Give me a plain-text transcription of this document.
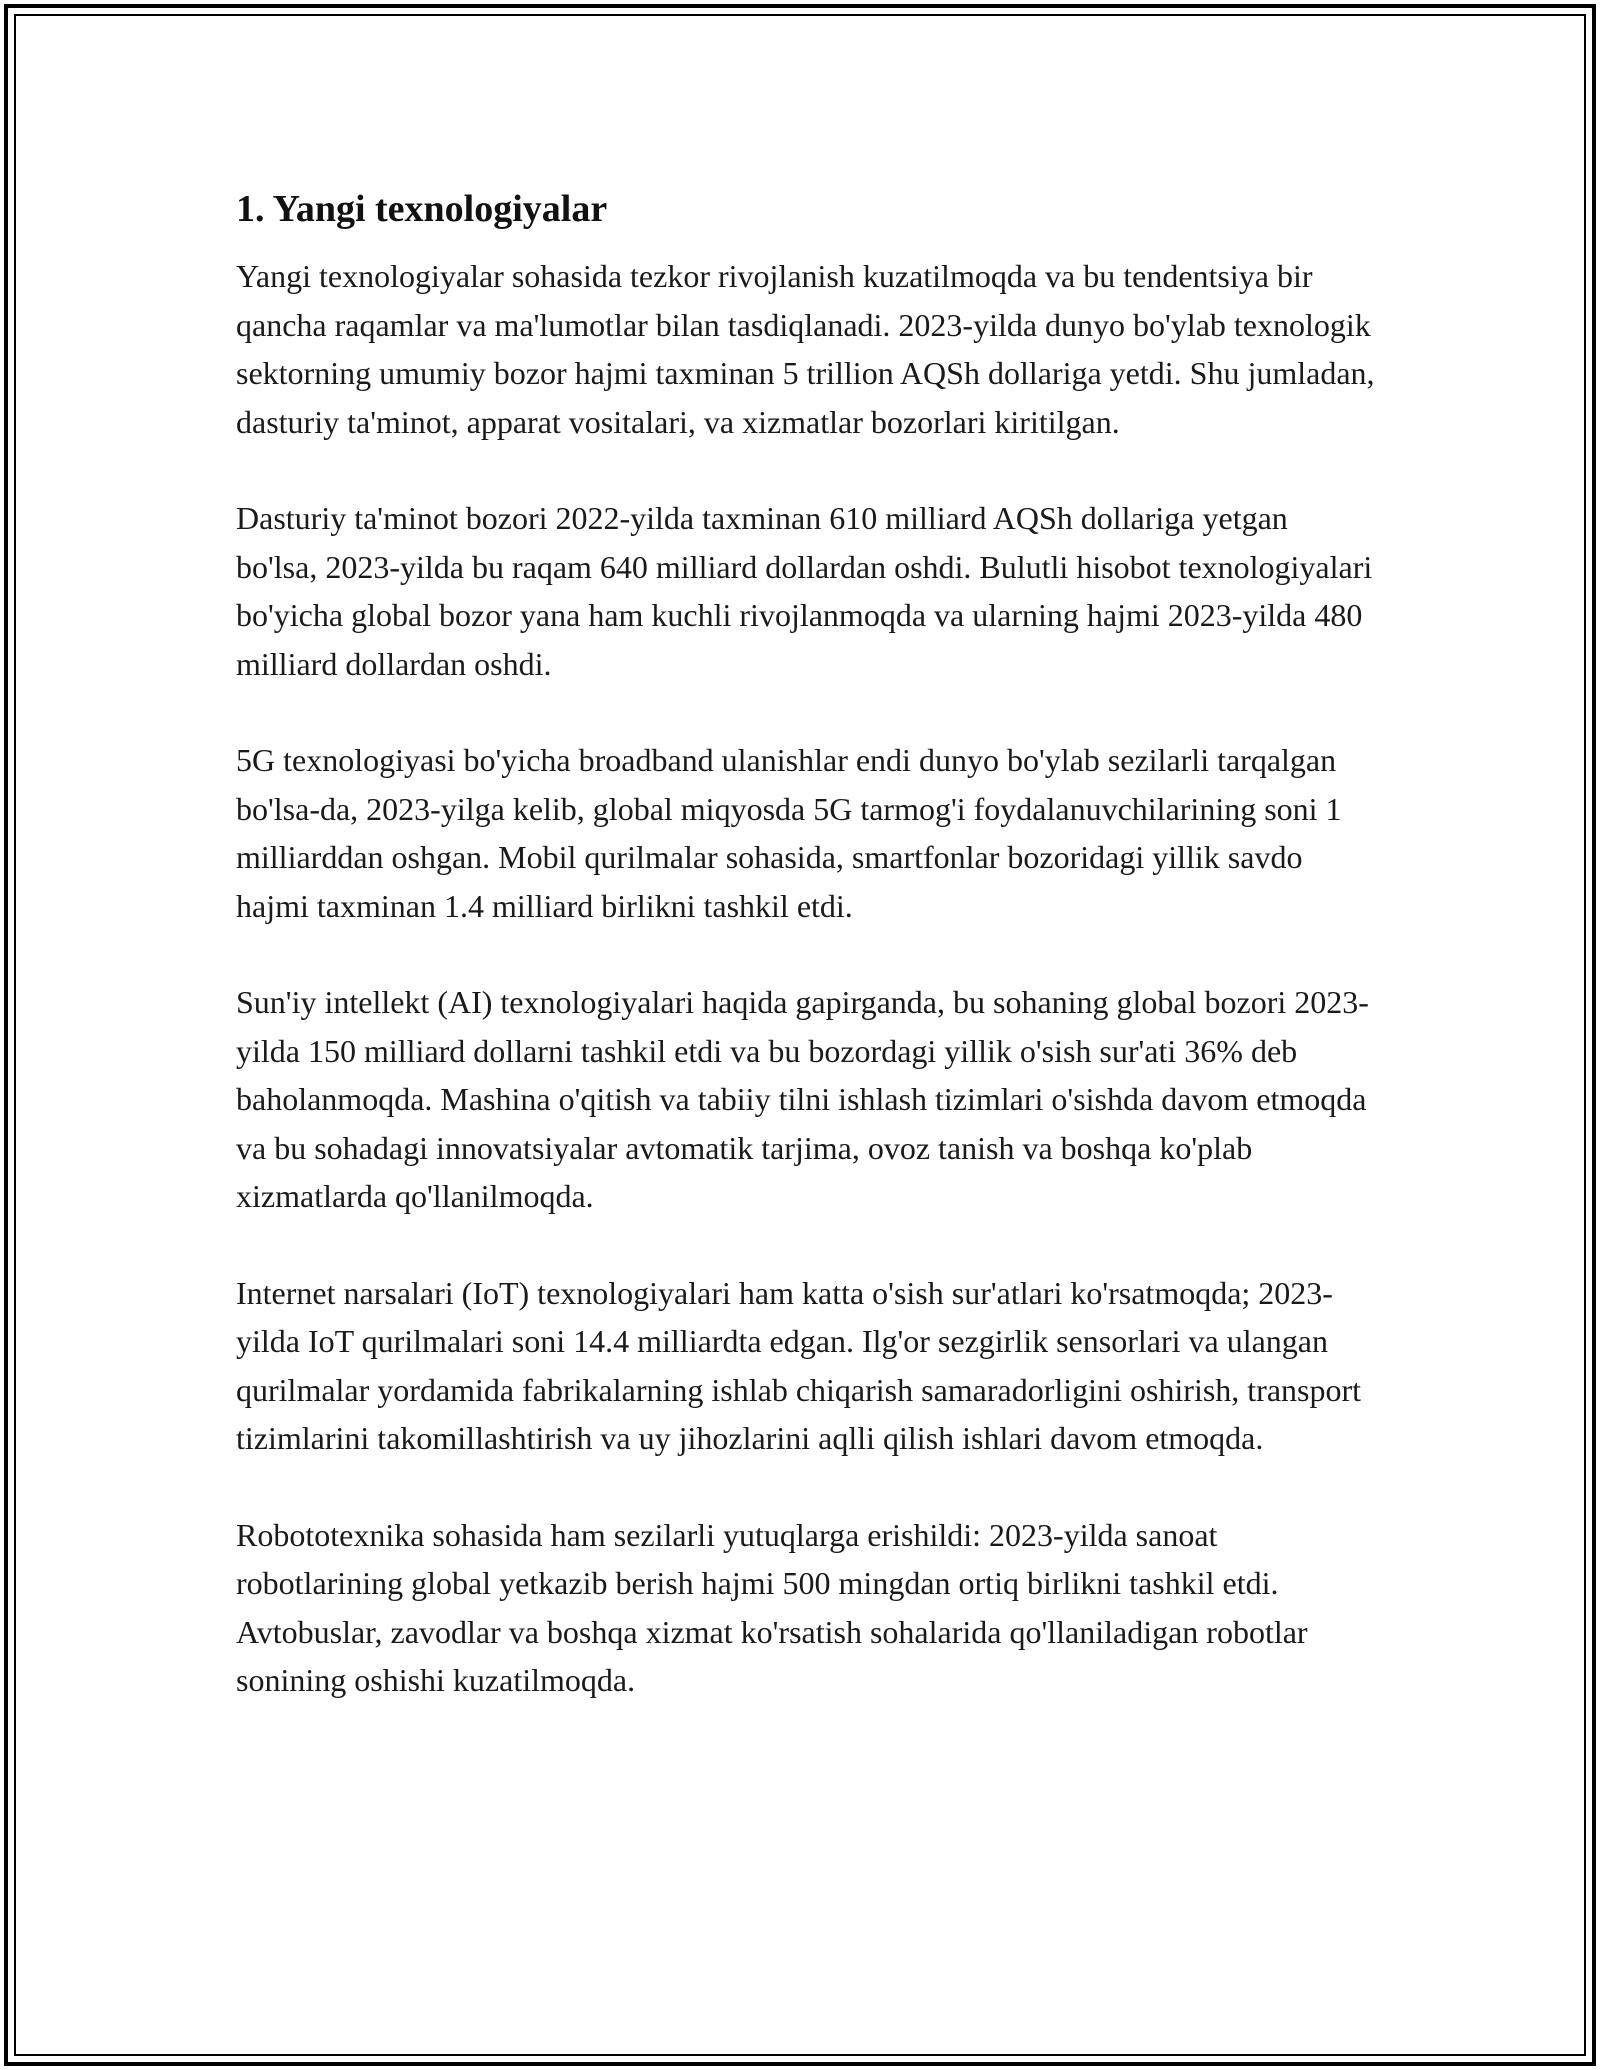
1. Yangi texnologiyalar

Yangi texnologiyalar sohasida tezkor rivojlanish kuzatilmoqda va bu tendentsiya bir qancha raqamlar va ma'lumotlar bilan tasdiqlanadi. 2023-yilda dunyo bo'ylab texnologik sektorning umumiy bozor hajmi taxminan 5 trillion AQSh dollariga yetdi. Shu jumladan, dasturiy ta'minot, apparat vositalari, va xizmatlar bozorlari kiritilgan.

Dasturiy ta'minot bozori 2022-yilda taxminan 610 milliard AQSh dollariga yetgan bo'lsa, 2023-yilda bu raqam 640 milliard dollardan oshdi. Bulutli hisobot texnologiyalari bo'yicha global bozor yana ham kuchli rivojlanmoqda va ularning hajmi 2023-yilda 480 milliard dollardan oshdi.

5G texnologiyasi bo'yicha broadband ulanishlar endi dunyo bo'ylab sezilarli tarqalgan bo'lsa-da, 2023-yilga kelib, global miqyosda 5G tarmog'i foydalanuvchilarining soni 1 milliarddan oshgan. Mobil qurilmalar sohasida, smartfonlar bozoridagi yillik savdo hajmi taxminan 1.4 milliard birlikni tashkil etdi.

Sun'iy intellekt (AI) texnologiyalari haqida gapirganda, bu sohaning global bozori 2023-yilda 150 milliard dollarni tashkil etdi va bu bozordagi yillik o'sish sur'ati 36% deb baholanmoqda. Mashina o'qitish va tabiiy tilni ishlash tizimlari o'sishda davom etmoqda va bu sohadagi innovatsiyalar avtomatik tarjima, ovoz tanish va boshqa ko'plab xizmatlarda qo'llanilmoqda.

Internet narsalari (IoT) texnologiyalari ham katta o'sish sur'atlari ko'rsatmoqda; 2023-yilda IoT qurilmalari soni 14.4 milliardta edgan. Ilg'or sezgirlik sensorlari va ulangan qurilmalar yordamida fabrikalarning ishlab chiqarish samaradorligini oshirish, transport tizimlarini takomillashtirish va uy jihozlarini aqlli qilish ishlari davom etmoqda.

Robototexnika sohasida ham sezilarli yutuqlarga erishildi: 2023-yilda sanoat robotlarining global yetkazib berish hajmi 500 mingdan ortiq birlikni tashkil etdi. Avtobuslar, zavodlar va boshqa xizmat ko'rsatish sohalarida qo'llaniladigan robotlar sonining oshishi kuzatilmoqda.
